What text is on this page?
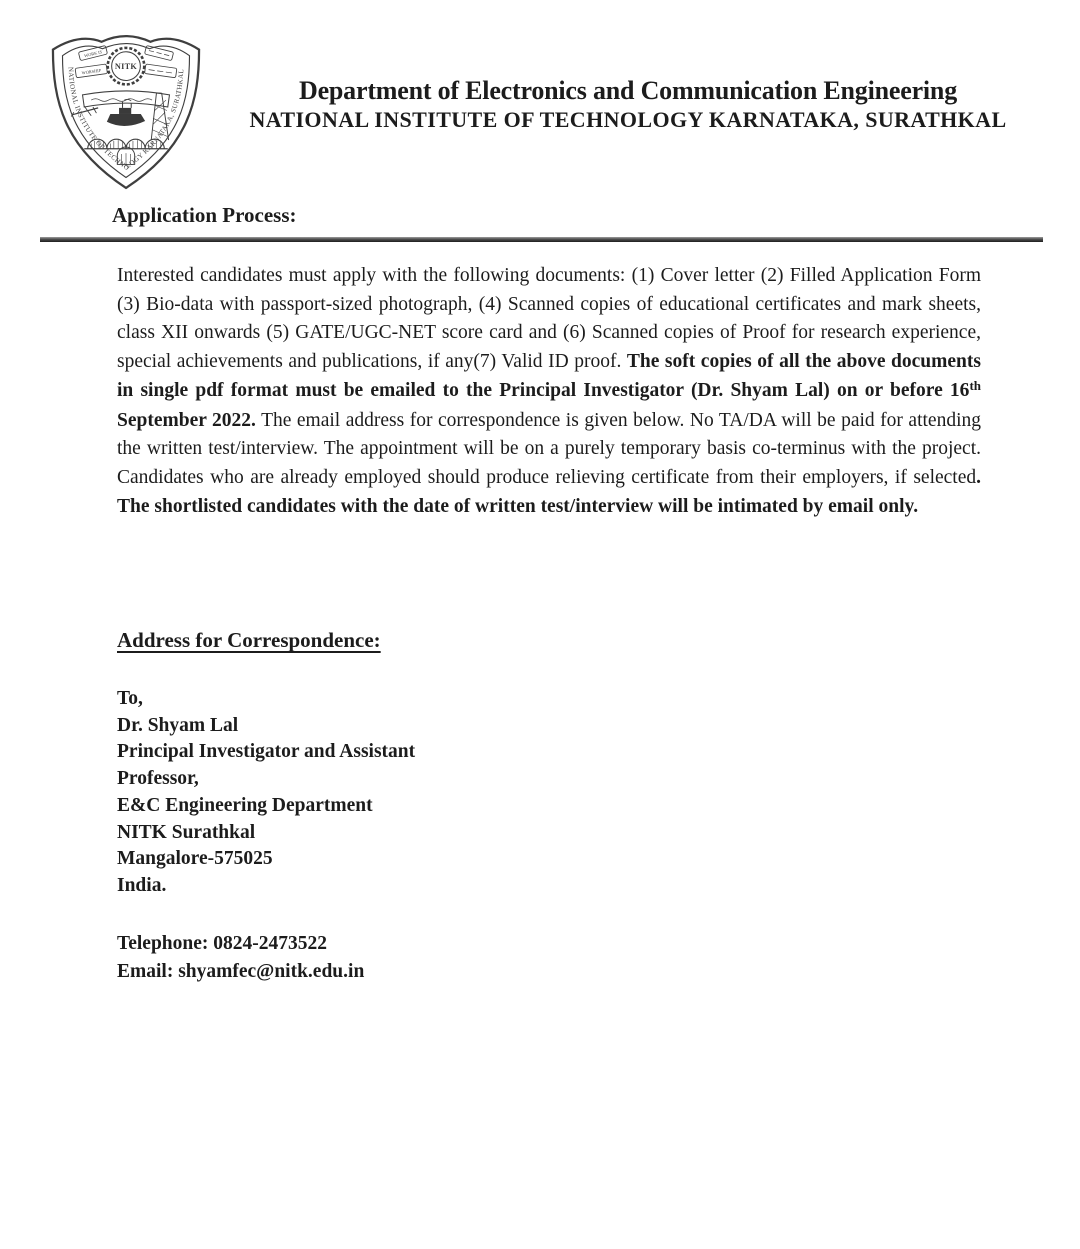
NATIONAL INSTITUTE OF TECHNOLOGY KARNATAKA, SURATHKAL
NITK
WORK IS
WORSHIP
Department of Electronics and Communication Engineering
NATIONAL INSTITUTE OF TECHNOLOGY KARNATAKA, SURATHKAL
Application Process:

Interested candidates must apply with the following documents: (1) Cover letter (2) Filled Application Form (3) Bio-data with passport-sized photograph, (4) Scanned copies of educational certificates and mark sheets, class XII onwards (5) GATE/UGC-NET score card and (6) Scanned copies of Proof for research experience, special achievements and publications, if any(7) Valid ID proof. The soft copies of all the above documents in single pdf format must be emailed to the Principal Investigator (Dr. Shyam Lal) on or before 16th September 2022. The email address for correspondence is given below. No TA/DA will be paid for attending the written test/interview. The appointment will be on a purely temporary basis co-terminus with the project. Candidates who are already employed should produce relieving certificate from their employers, if selected. The shortlisted candidates with the date of written test/interview will be intimated by email only.

Address for Correspondence:
To,
Dr. Shyam Lal
Principal Investigator and Assistant
Professor,
E&C Engineering Department
NITK Surathkal
Mangalore-575025
India.
Telephone: 0824-2473522
Email: shyamfec@nitk.edu.in
